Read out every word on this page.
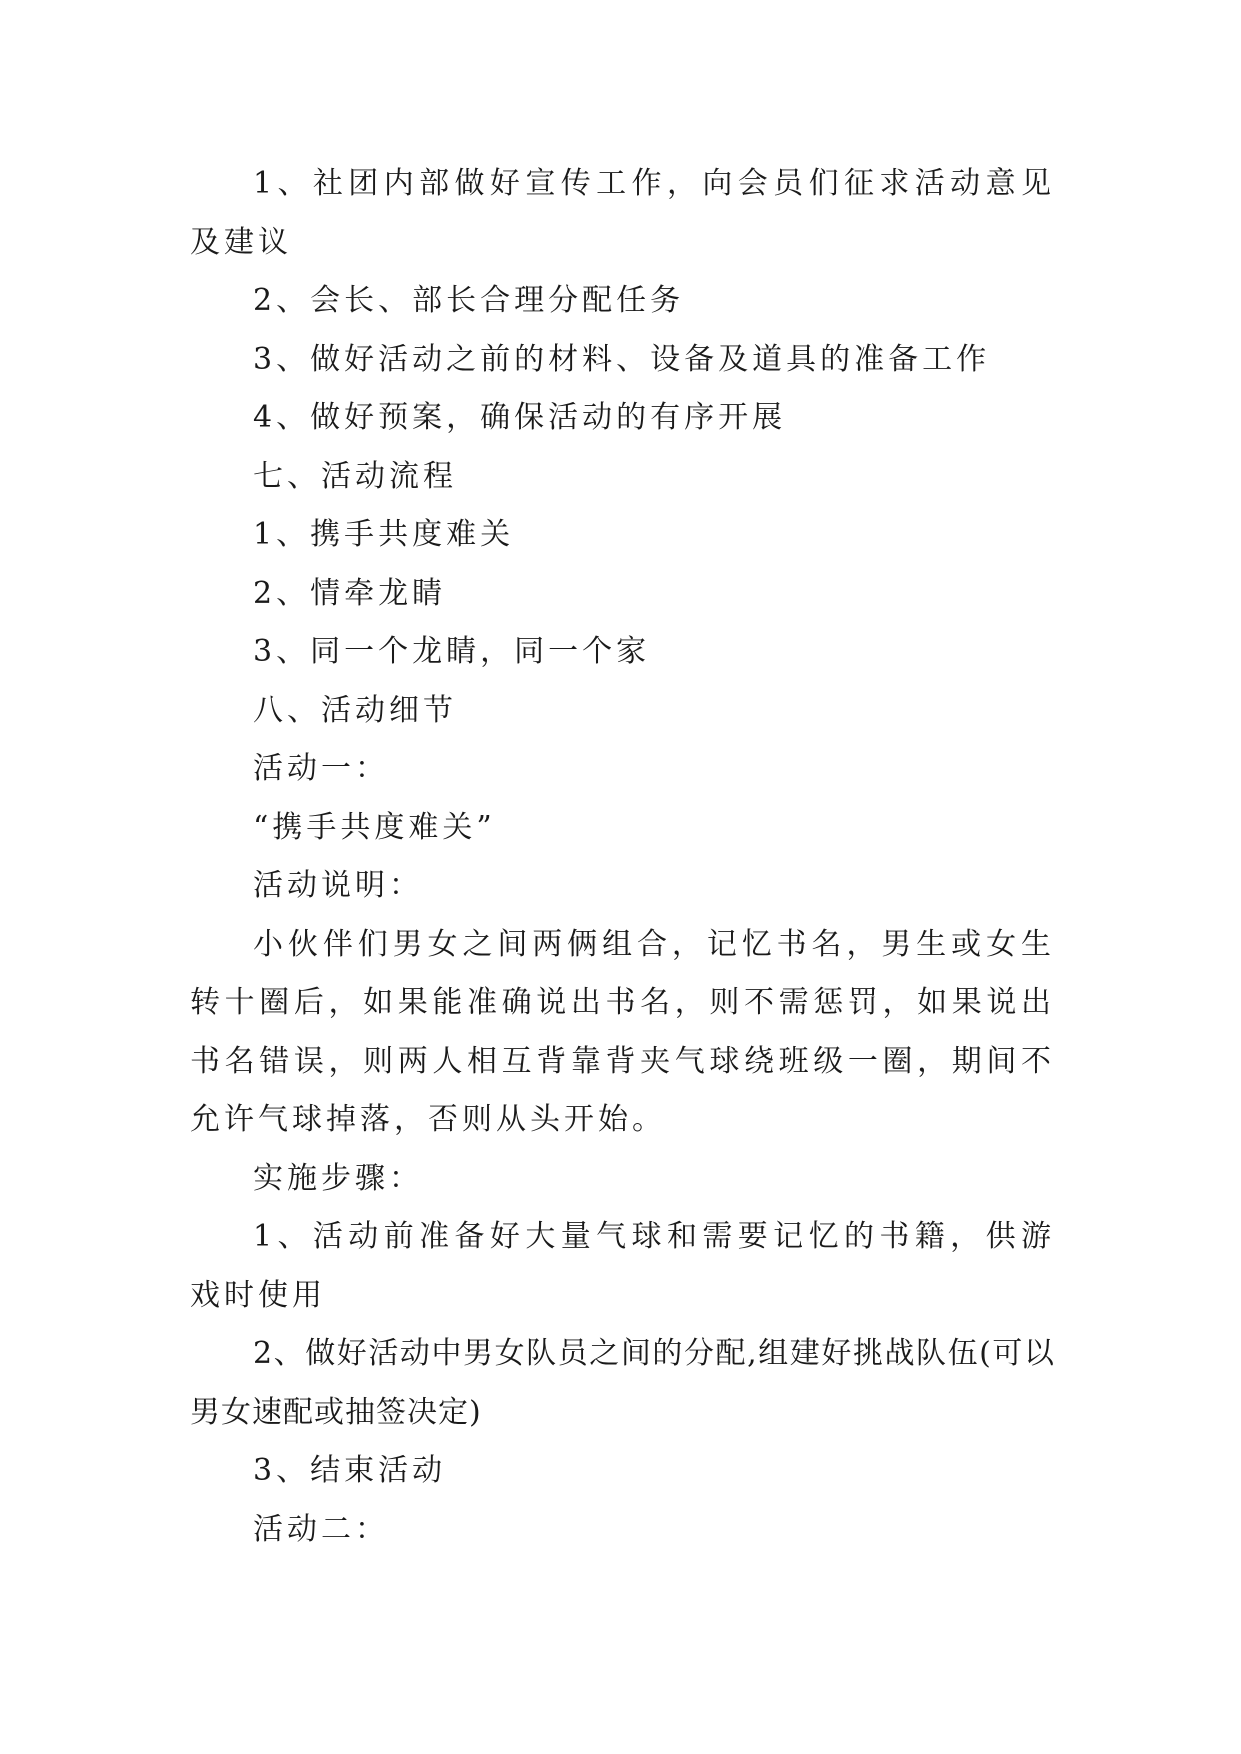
1、社团内部做好宣传工作，向会员们征求活动意见及建议

2、会长、部长合理分配任务

3、做好活动之前的材料、设备及道具的准备工作

4、做好预案，确保活动的有序开展

七、活动流程

1、携手共度难关

2、情牵龙睛

3、同一个龙睛，同一个家

八、活动细节

活动一：

“携手共度难关”

活动说明：

小伙伴们男女之间两俩组合，记忆书名，男生或女生转十圈后，如果能准确说出书名，则不需惩罚，如果说出书名错误，则两人相互背靠背夹气球绕班级一圈，期间不允许气球掉落，否则从头开始。

实施步骤：

1、活动前准备好大量气球和需要记忆的书籍，供游戏时使用

2、做好活动中男女队员之间的分配,组建好挑战队伍(可以男女速配或抽签决定)

3、结束活动

活动二：
